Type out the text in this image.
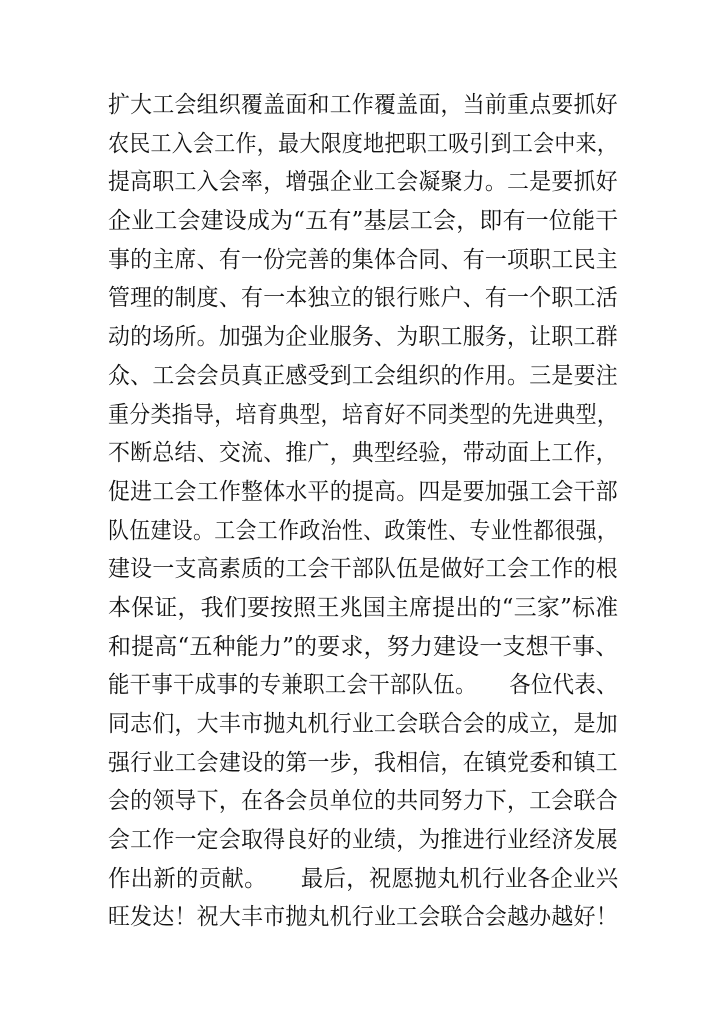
扩大工会组织覆盖面和工作覆盖面，当前重点要抓好
农民工入会工作，最大限度地把职工吸引到工会中来，
提高职工入会率，增强企业工会凝聚力。二是要抓好
企业工会建设成为“五有”基层工会，即有一位能干
事的主席、有一份完善的集体合同、有一项职工民主
管理的制度、有一本独立的银行账户、有一个职工活
动的场所。加强为企业服务、为职工服务，让职工群
众、工会会员真正感受到工会组织的作用。三是要注
重分类指导，培育典型，培育好不同类型的先进典型，
不断总结、交流、推广，典型经验，带动面上工作，
促进工会工作整体水平的提高。四是要加强工会干部
队伍建设。工会工作政治性、政策性、专业性都很强，
建设一支高素质的工会干部队伍是做好工会工作的根
本保证，我们要按照王兆国主席提出的“三家”标准
和提高“五种能力”的要求，努力建设一支想干事、
能干事干成事的专兼职工会干部队伍。　　各位代表、
同志们，大丰市抛丸机行业工会联合会的成立，是加
强行业工会建设的第一步，我相信，在镇党委和镇工
会的领导下，在各会员单位的共同努力下，工会联合
会工作一定会取得良好的业绩，为推进行业经济发展
作出新的贡献。　　最后，祝愿抛丸机行业各企业兴
旺发达！祝大丰市抛丸机行业工会联合会越办越好！
